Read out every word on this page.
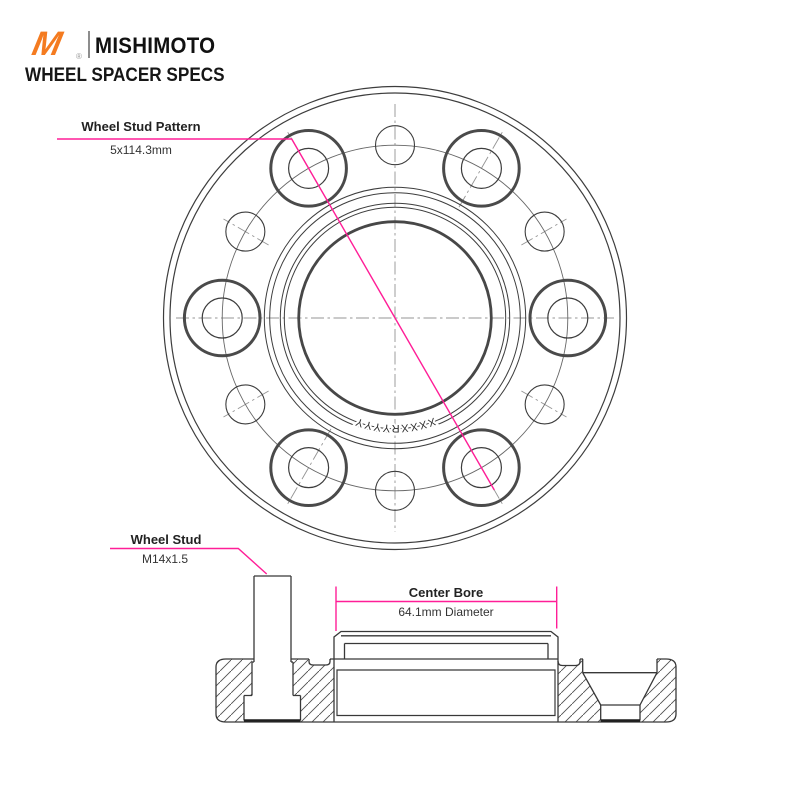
XXXXRYYYY
M ® MISHIMOTO
WHEEL SPACER SPECS
Wheel Stud Pattern
5x114.3mm
Wheel Stud
M14x1.5
Center Bore
64.1mm Diameter
